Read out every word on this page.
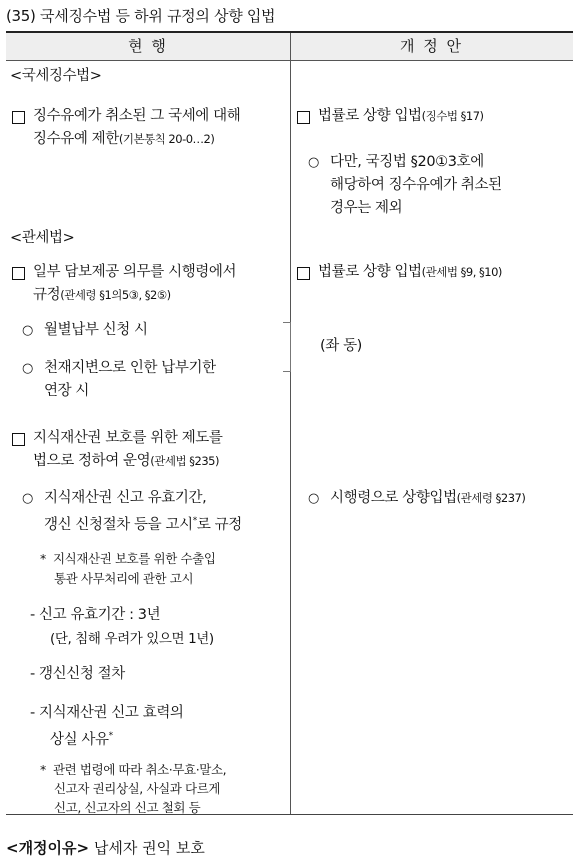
(35) 국세징수법 등 하위 규정의 상향 입법
현 행	개 정 안
<국세징수법>
징수유예가 취소된 그 국세에 대해
징수유예 제한(기본통칙 20-0…2)
법률로 상향 입법(징수법 §17)
○ 다만, 국징법 §20①3호에
해당하여 징수유예가 취소된
경우는 제외
<관세법>
일부 담보제공 의무를 시행령에서
규정(관세령 §1의5③, §2⑤)
법률로 상향 입법(관세법 §9, §10)
○ 월별납부 신청 시
○ 천재지변으로 인한 납부기한
연장 시
(좌 동)
지식재산권 보호를 위한 제도를
법으로 정하여 운영(관세법 §235)
○ 지식재산권 신고 유효기간,
갱신 신청절차 등을 고시*로 규정
○ 시행령으로 상향입법(관세령 §237)
*  지식재산권 보호를 위한 수출입
통관 사무처리에 관한 고시
- 신고 유효기간 : 3년
(단, 침해 우려가 있으면 1년)
- 갱신신청 절차
- 지식재산권 신고 효력의
상실 사유*
*  관련 법령에 따라 취소·무효·말소,
신고자 권리상실, 사실과 다르게
신고, 신고자의 신고 철회 등
<개정이유> 납세자 권익 보호
